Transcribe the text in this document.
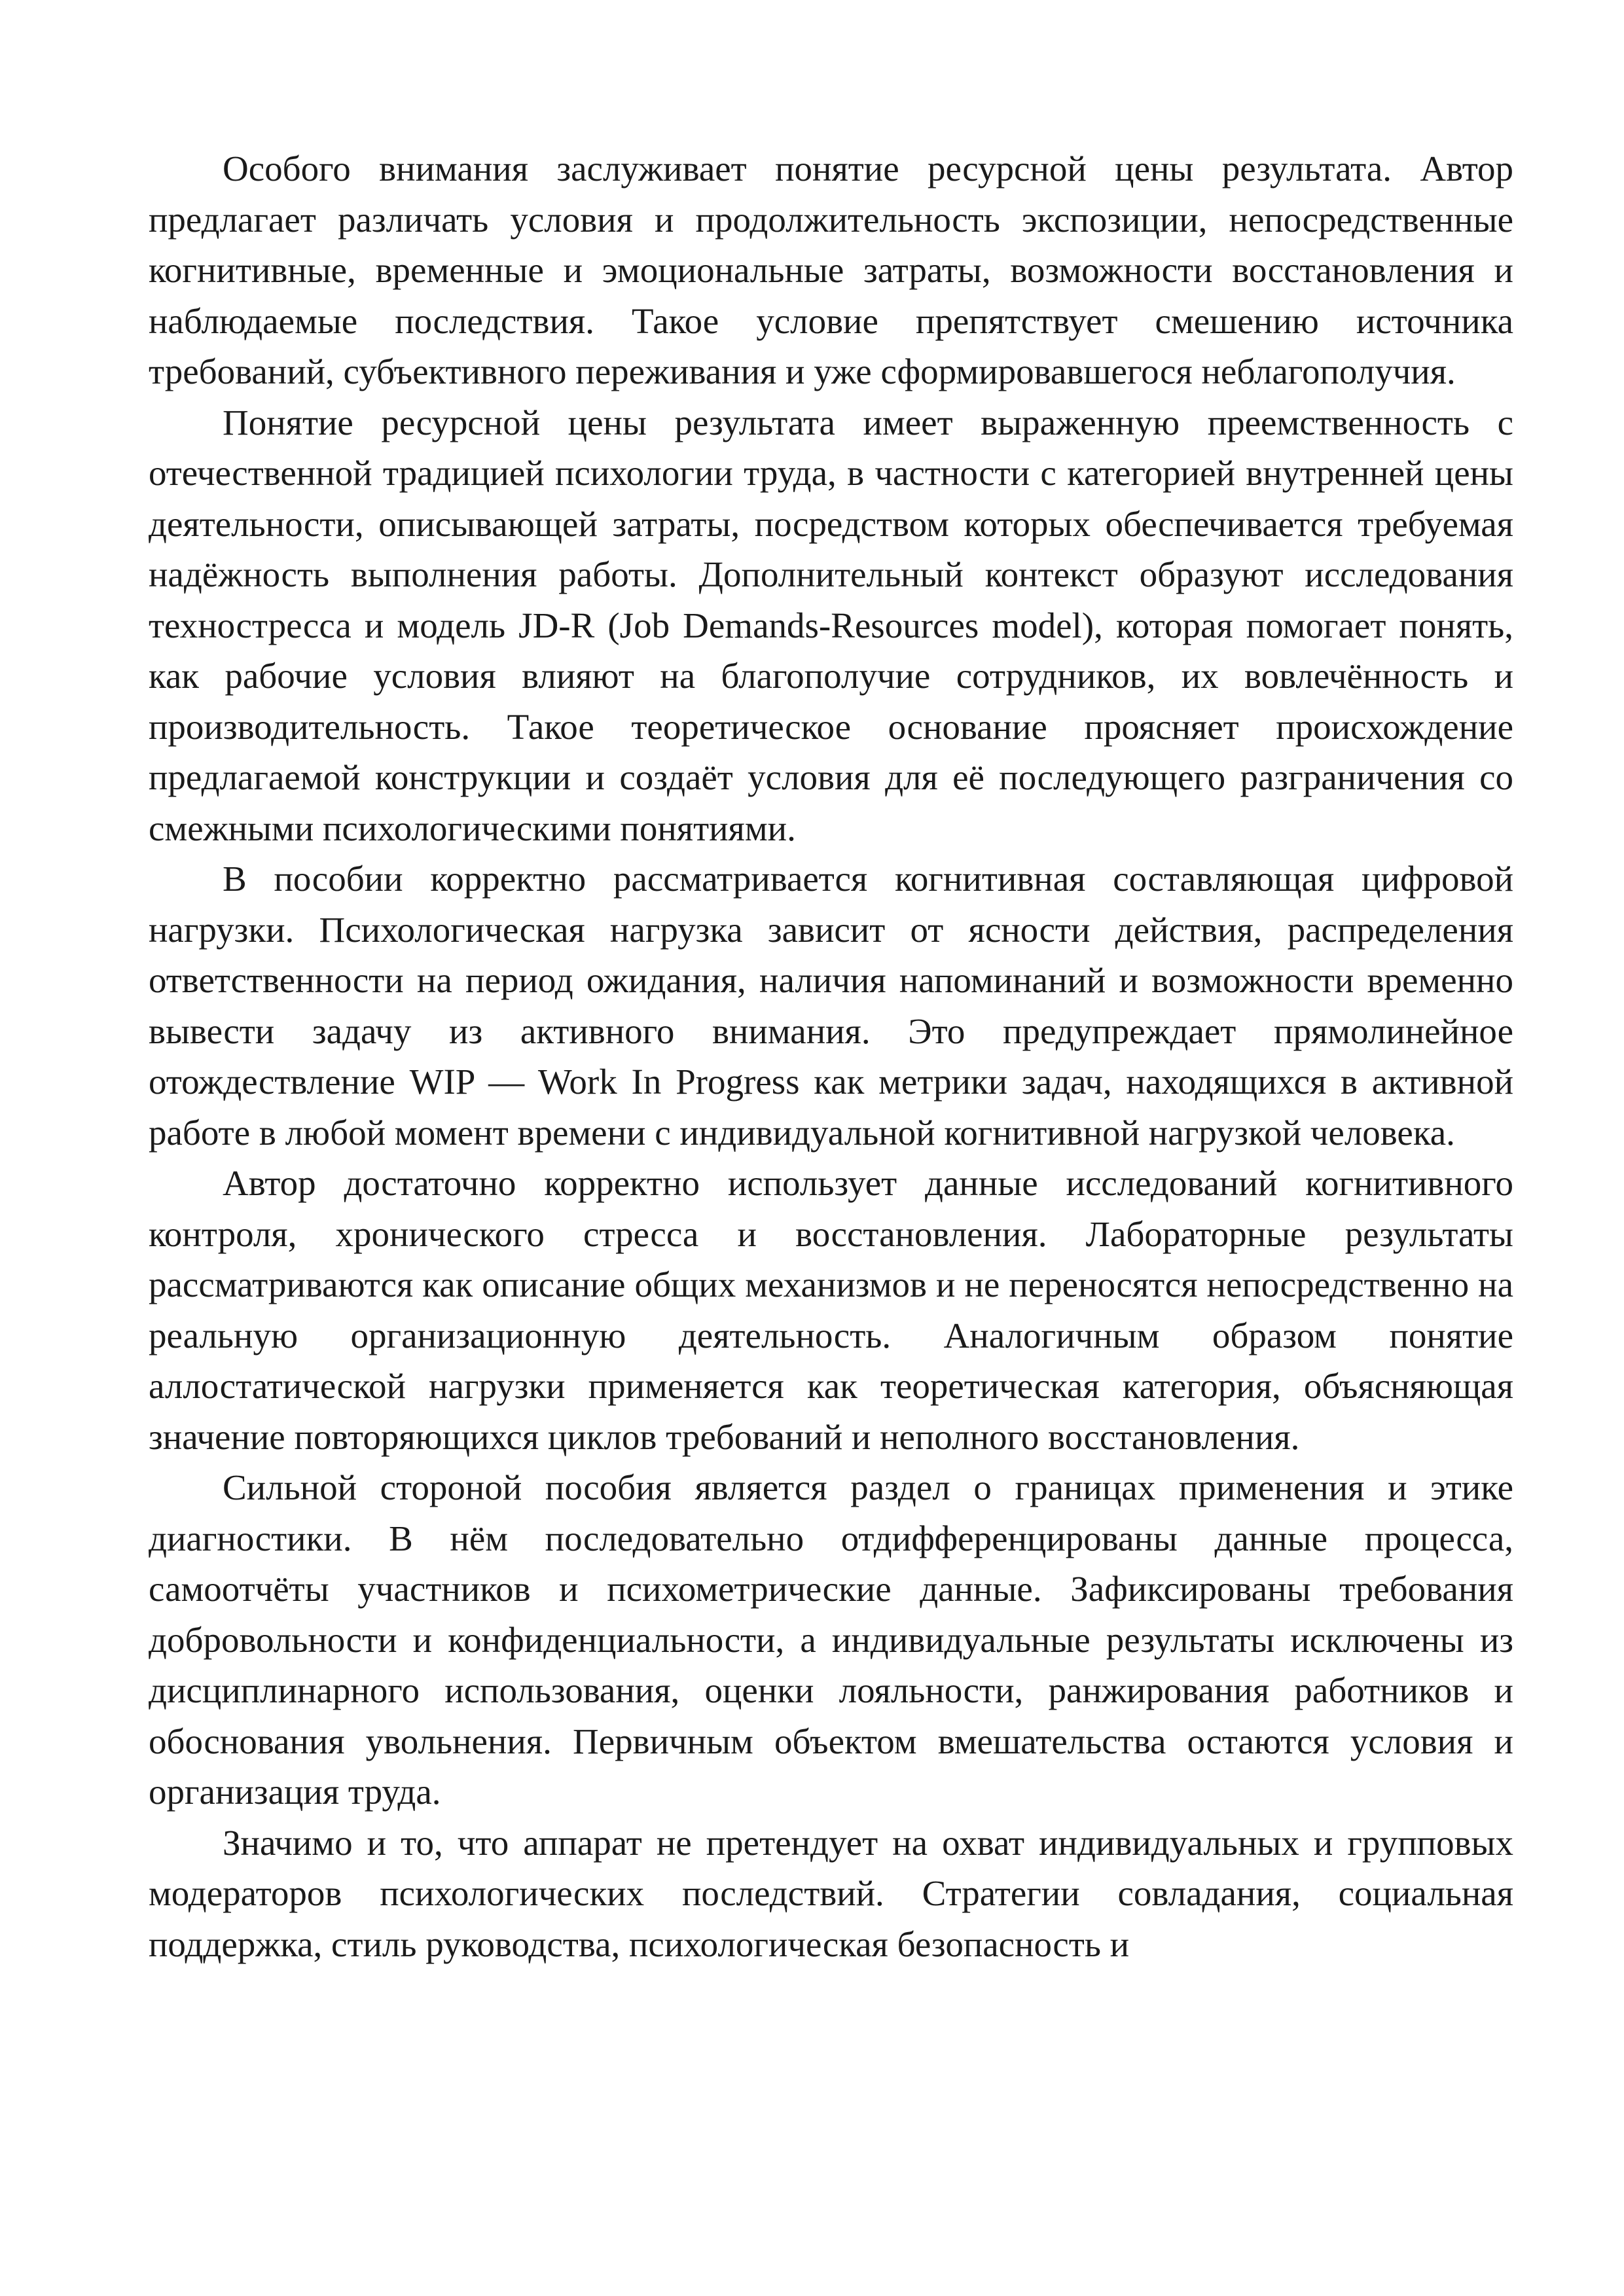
Особого внимания заслуживает понятие ресурсной цены результата. Автор предлагает различать условия и продолжительность экспозиции, непосредственные когнитивные, временные и эмоциональные затраты, возможности восстановления и наблюдаемые последствия. Такое условие препятствует смешению источника требований, субъективного переживания и уже сформировавшегося неблагополучия.

Понятие ресурсной цены результата имеет выраженную преемственность с отечественной традицией психологии труда, в частности с категорией внутренней цены деятельности, описывающей затраты, посредством которых обеспечивается требуемая надёжность выполнения работы. Дополнительный контекст образуют исследования техностресса и модель JD-R (Job Demands-Resources model), которая помогает понять, как рабочие условия влияют на благополучие сотрудников, их вовлечённость и производительность. Такое теоретическое основание проясняет происхождение предлагаемой конструкции и создаёт условия для её последующего разграничения со смежными психологическими понятиями.

В пособии корректно рассматривается когнитивная составляющая цифровой нагрузки. Психологическая нагрузка зависит от ясности действия, распределения ответственности на период ожидания, наличия напоминаний и возможности временно вывести задачу из активного внимания. Это предупреждает прямолинейное отождествление WIP — Work In Progress как метрики задач, находящихся в активной работе в любой момент времени с индивидуальной когнитивной нагрузкой человека.

Автор достаточно корректно использует данные исследований когнитивного контроля, хронического стресса и восстановления. Лабораторные результаты рассматриваются как описание общих механизмов и не переносятся непосредственно на реальную организационную деятельность. Аналогичным образом понятие аллостатической нагрузки применяется как теоретическая категория, объясняющая значение повторяющихся циклов требований и неполного восстановления.

Сильной стороной пособия является раздел о границах применения и этике диагностики. В нём последовательно отдифференцированы данные процесса, самоотчёты участников и психометрические данные. Зафиксированы требования добровольности и конфиденциальности, а индивидуальные результаты исключены из дисциплинарного использования, оценки лояльности, ранжирования работников и обоснования увольнения. Первичным объектом вмешательства остаются условия и организация труда.

Значимо и то, что аппарат не претендует на охват индивидуальных и групповых модераторов психологических последствий. Стратегии совладания, социальная поддержка, стиль руководства, психологическая безопасность и
